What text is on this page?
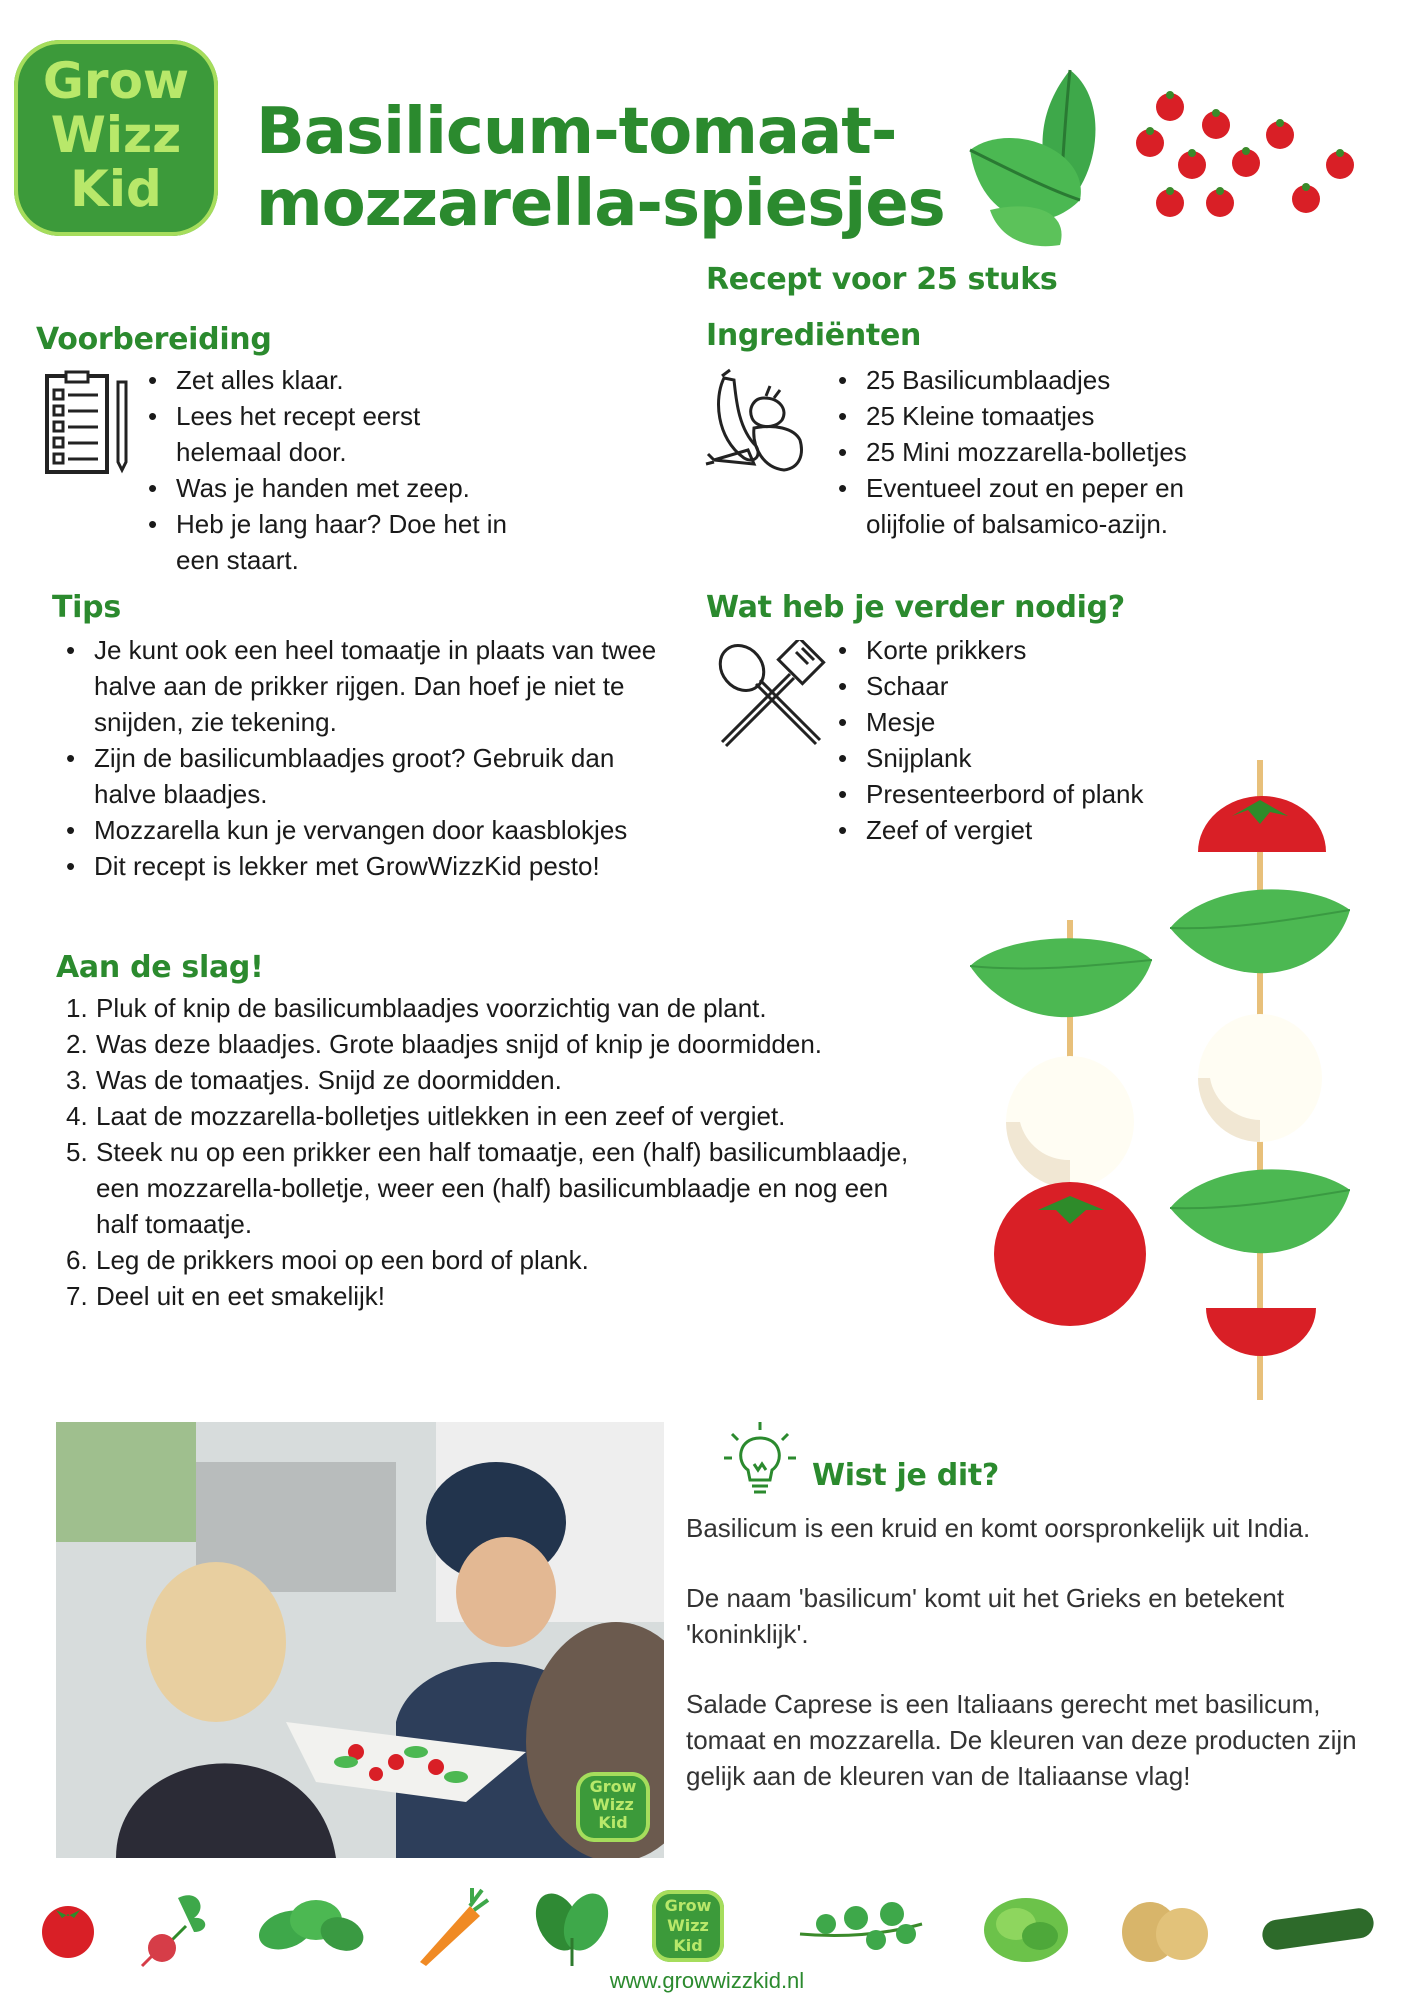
Grow
Wizz
Kid
Basilicum-tomaat-
mozzarella-spiesjes
Recept voor 25 stuks
Voorbereiding
• Zet alles klaar.
• Lees het recept eerst helemaal door.
• Was je handen met zeep.
• Heb je lang haar? Doe het in een staart.
Ingrediënten
• 25 Basilicumblaadjes
• 25 Kleine tomaatjes
• 25 Mini mozzarella-bolletjes
• Eventueel zout en peper en olijfolie of balsamico-azijn.
Tips
• Je kunt ook een heel tomaatje in plaats van twee halve aan de prikker rijgen. Dan hoef je niet te snijden, zie tekening.
• Zijn de basilicumblaadjes groot? Gebruik dan halve blaadjes.
• Mozzarella kun je vervangen door kaasblokjes
• Dit recept is lekker met GrowWizzKid pesto!
Wat heb je verder nodig?
• Korte prikkers
• Schaar
• Mesje
• Snijplank
• Presenteerbord of plank
• Zeef of vergiet
Aan de slag!
Pluk of knip de basilicumblaadjes voorzichtig van de plant.
Was deze blaadjes. Grote blaadjes snijd of knip je doormidden.
Was de tomaatjes. Snijd ze doormidden.
Laat de mozzarella-bolletjes uitlekken in een zeef of vergiet.
Steek nu op een prikker een half tomaatje, een (half) basilicumblaadje, een mozzarella-bolletje, weer een (half) basilicumblaadje en nog een half tomaatje.
Leg de prikkers mooi op een bord of plank.
Deel uit en eet smakelijk!
Grow
Wizz
Kid
Wist je dit?

Basilicum is een kruid en komt oorspronkelijk uit India.

De naam 'basilicum' komt uit het Grieks en betekent 'koninklijk'.

Salade Caprese is een Italiaans gerecht met basilicum, tomaat en mozzarella. De kleuren van deze producten zijn gelijk aan de kleuren van de Italiaanse vlag!

Grow
Wizz
Kid
www.growwizzkid.nl
